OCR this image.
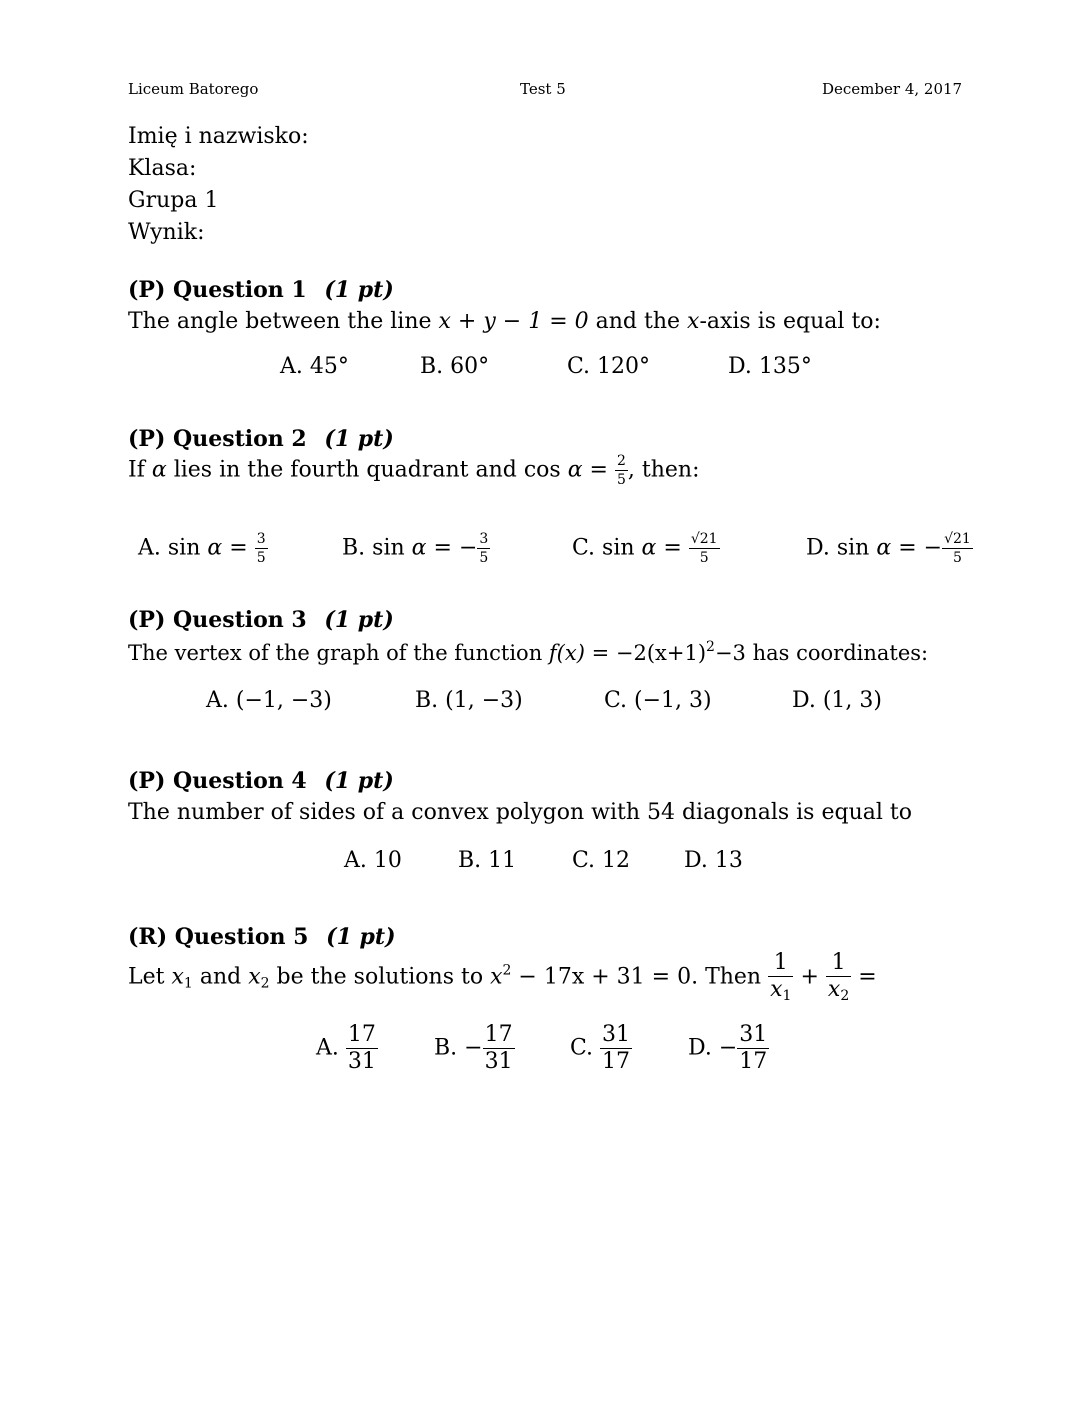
Liceum Batorego	Test 5	December 4, 2017
Imię i nazwisko:
Klasa:
Grupa 1
Wynik:
(P) Question 1 (1 pt)
The angle between the line x + y − 1 = 0 and the x-axis is equal to:
A. 45°	B. 60°	C. 120°	D. 135°
(P) Question 2 (1 pt)
If α lies in the fourth quadrant and $\cos \alpha = \frac{2}{5}$ , then:
A. $\sin \alpha = \frac{3}{5}$	B. sin α = − $\frac{3}{5}$	C. $\sin \alpha = \frac{√21}{5}$	D. sin α = − $\frac{√21}{5}$
(P) Question 3 (1 pt)
The vertex of the graph of the function $f(x) = -2(x+1)^2-3$ has coordinates:
A. (−1, −3)	B. (1, −3)	C. (−1, 3)	D. (1, 3)
(P) Question 4 (1 pt)
The number of sides of a convex polygon with 54 diagonals is equal to
A. 10	B. 11	C. 12 D. 13
(R) Question 5 (1 pt)
Let $x_1$ and $x_2$ be the solutions to $x^2 - 17x + 31 = 0$. Then $\frac{1}{x_1} + \frac{1}{x_2}$ =
A. $\frac{17}{31}$	B. − $\frac{17}{31}$	C. $\frac{31}{17}$	D. − $\frac{31}{17}$
